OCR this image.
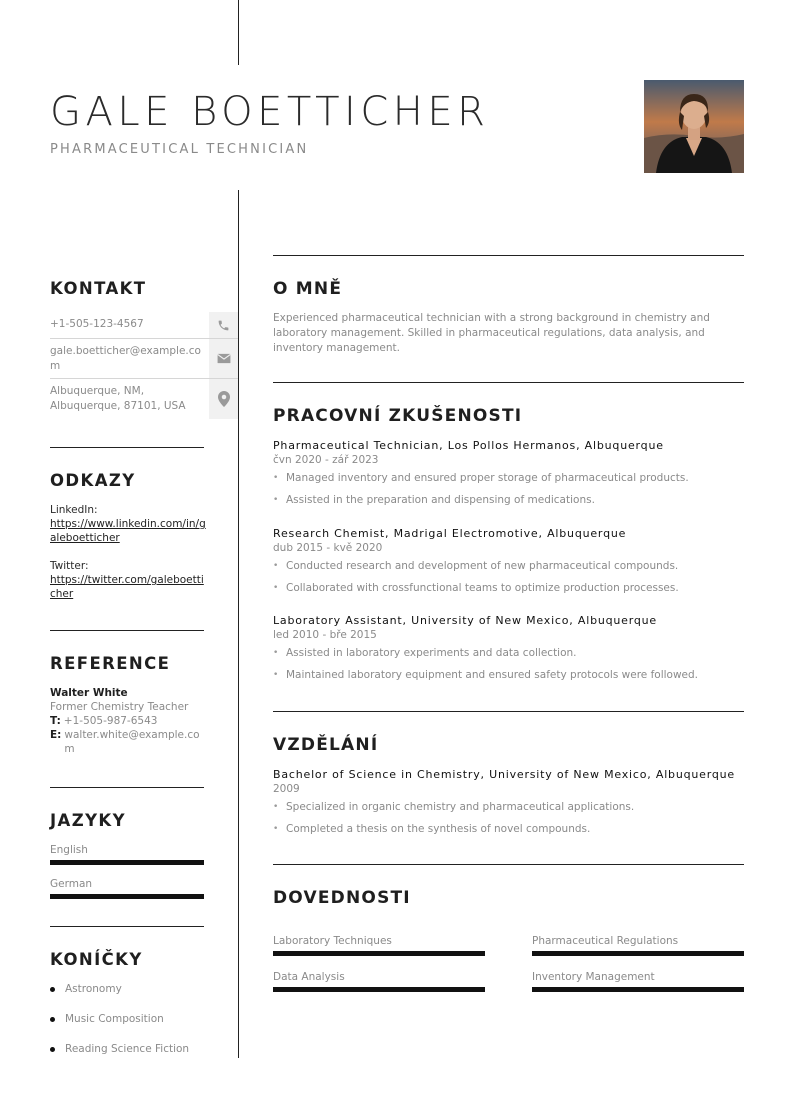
GALE BOETTICHER
PHARMACEUTICAL TECHNICIAN
KONTAKT
+1-505-123-4567
gale.boetticher@example.com
Albuquerque, NM, Albuquerque, 87101, USA
ODKAZY
LinkedIn:
https://www.linkedin.com/in/galeboetticher
Twitter:
https://twitter.com/galeboetticher
REFERENCE
Walter White
Former Chemistry Teacher
T: +1-505-987-6543
E: walter.white@example.com
JAZYKY
English
German
KONÍČKY
Astronomy
Music Composition
Reading Science Fiction
O MNĚ

Experienced pharmaceutical technician with a strong background in chemistry and laboratory management. Skilled in pharmaceutical regulations, data analysis, and inventory management.

PRACOVNÍ ZKUŠENOSTI
Pharmaceutical Technician, Los Pollos Hermanos, Albuquerque
čvn 2020 - zář 2023
• Managed inventory and ensured proper storage of pharmaceutical products.
• Assisted in the preparation and dispensing of medications.
Research Chemist, Madrigal Electromotive, Albuquerque
dub 2015 - kvě 2020
• Conducted research and development of new pharmaceutical compounds.
• Collaborated with crossfunctional teams to optimize production processes.
Laboratory Assistant, University of New Mexico, Albuquerque
led 2010 - bře 2015
• Assisted in laboratory experiments and data collection.
• Maintained laboratory equipment and ensured safety protocols were followed.
VZDĚLÁNÍ
Bachelor of Science in Chemistry, University of New Mexico, Albuquerque
2009
• Specialized in organic chemistry and pharmaceutical applications.
• Completed a thesis on the synthesis of novel compounds.
DOVEDNOSTI
Laboratory Techniques	Pharmaceutical Regulations
Data Analysis	Inventory Management
